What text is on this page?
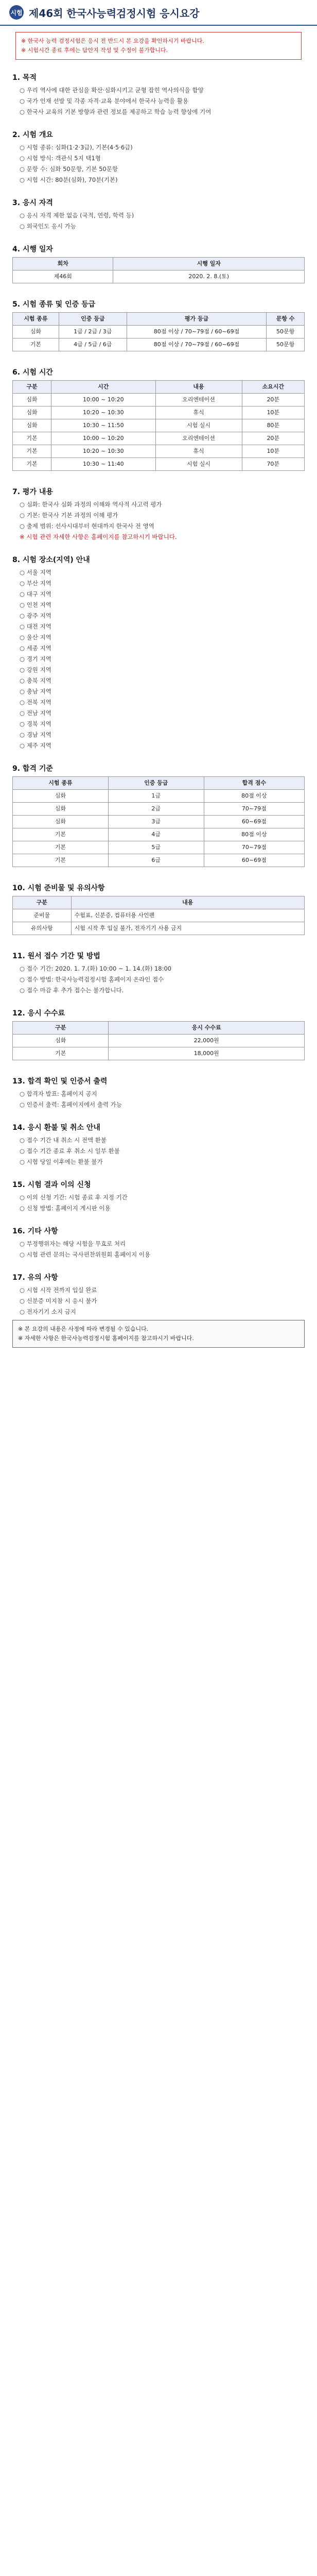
시험 제46회 한국사능력검정시험 응시요강

※ 한국사 능력 검정시험은 응시 전 반드시 본 요강을 확인하시기 바랍니다.

※ 시험시간 종료 후에는 답안지 작성 및 수정이 불가합니다.

1. 목적

○ 우리 역사에 대한 관심을 확산·심화시키고 균형 잡힌 역사의식을 함양

○ 국가 인재 선발 및 각종 자격·교육 분야에서 한국사 능력을 활용

○ 한국사 교육의 기본 방향과 관련 정보를 제공하고 학습 능력 향상에 기여

2. 시험 개요

○ 시험 종류: 심화(1·2·3급), 기본(4·5·6급)

○ 시험 방식: 객관식 5지 택1형

○ 문항 수: 심화 50문항, 기본 50문항

○ 시험 시간: 80분(심화), 70분(기본)

3. 응시 자격

○ 응시 자격 제한 없음 (국적, 연령, 학력 등)

○ 외국인도 응시 가능

4. 시행 일자
회차	시행 일자
제46회	2020. 2. 8.(토)
5. 시험 종류 및 인증 등급
시험 종류	인증 등급	평가 등급	문항 수
심화	1급 / 2급 / 3급	80점 이상 / 70~79점 / 60~69점	50문항
기본	4급 / 5급 / 6급	80점 이상 / 70~79점 / 60~69점	50문항
6. 시험 시간
구분	시간	내용	소요시간
심화	10:00 ~ 10:20	오리엔테이션	20분
심화	10:20 ~ 10:30	휴식	10분
심화	10:30 ~ 11:50	시험 실시	80분
기본	10:00 ~ 10:20	오리엔테이션	20분
기본	10:20 ~ 10:30	휴식	10분
기본	10:30 ~ 11:40	시험 실시	70분
7. 평가 내용

○ 심화: 한국사 심화 과정의 이해와 역사적 사고력 평가

○ 기본: 한국사 기본 과정의 이해 평가

○ 출제 범위: 선사시대부터 현대까지 한국사 전 영역

※ 시험 관련 자세한 사항은 홈페이지를 참고하시기 바랍니다.

8. 시험 장소(지역) 안내

○ 서울 지역

○ 부산 지역

○ 대구 지역

○ 인천 지역

○ 광주 지역

○ 대전 지역

○ 울산 지역

○ 세종 지역

○ 경기 지역

○ 강원 지역

○ 충북 지역

○ 충남 지역

○ 전북 지역

○ 전남 지역

○ 경북 지역

○ 경남 지역

○ 제주 지역

9. 합격 기준
시험 종류	인증 등급	합격 점수
심화	1급	80점 이상
심화	2급	70~79점
심화	3급	60~69점
기본	4급	80점 이상
기본	5급	70~79점
기본	6급	60~69점
10. 시험 준비물 및 유의사항
구분	내용
준비물	수험표, 신분증, 컴퓨터용 사인펜
유의사항	시험 시작 후 입실 불가, 전자기기 사용 금지
11. 원서 접수 기간 및 방법

○ 접수 기간: 2020. 1. 7.(화) 10:00 ~ 1. 14.(화) 18:00

○ 접수 방법: 한국사능력검정시험 홈페이지 온라인 접수

○ 접수 마감 후 추가 접수는 불가합니다.

12. 응시 수수료
구분	응시 수수료
심화	22,000원
기본	18,000원
13. 합격 확인 및 인증서 출력

○ 합격자 발표: 홈페이지 공지

○ 인증서 출력: 홈페이지에서 출력 가능

14. 응시 환불 및 취소 안내

○ 접수 기간 내 취소 시 전액 환불

○ 접수 기간 종료 후 취소 시 일부 환불

○ 시험 당일 이후에는 환불 불가

15. 시험 결과 이의 신청

○ 이의 신청 기간: 시험 종료 후 지정 기간

○ 신청 방법: 홈페이지 게시판 이용

16. 기타 사항

○ 부정행위자는 해당 시험을 무효로 처리

○ 시험 관련 문의는 국사편찬위원회 홈페이지 이용

17. 유의 사항

○ 시험 시작 전까지 입실 완료

○ 신분증 미지참 시 응시 불가

○ 전자기기 소지 금지

※ 본 요강의 내용은 사정에 따라 변경될 수 있습니다.

※ 자세한 사항은 한국사능력검정시험 홈페이지를 참고하시기 바랍니다.
